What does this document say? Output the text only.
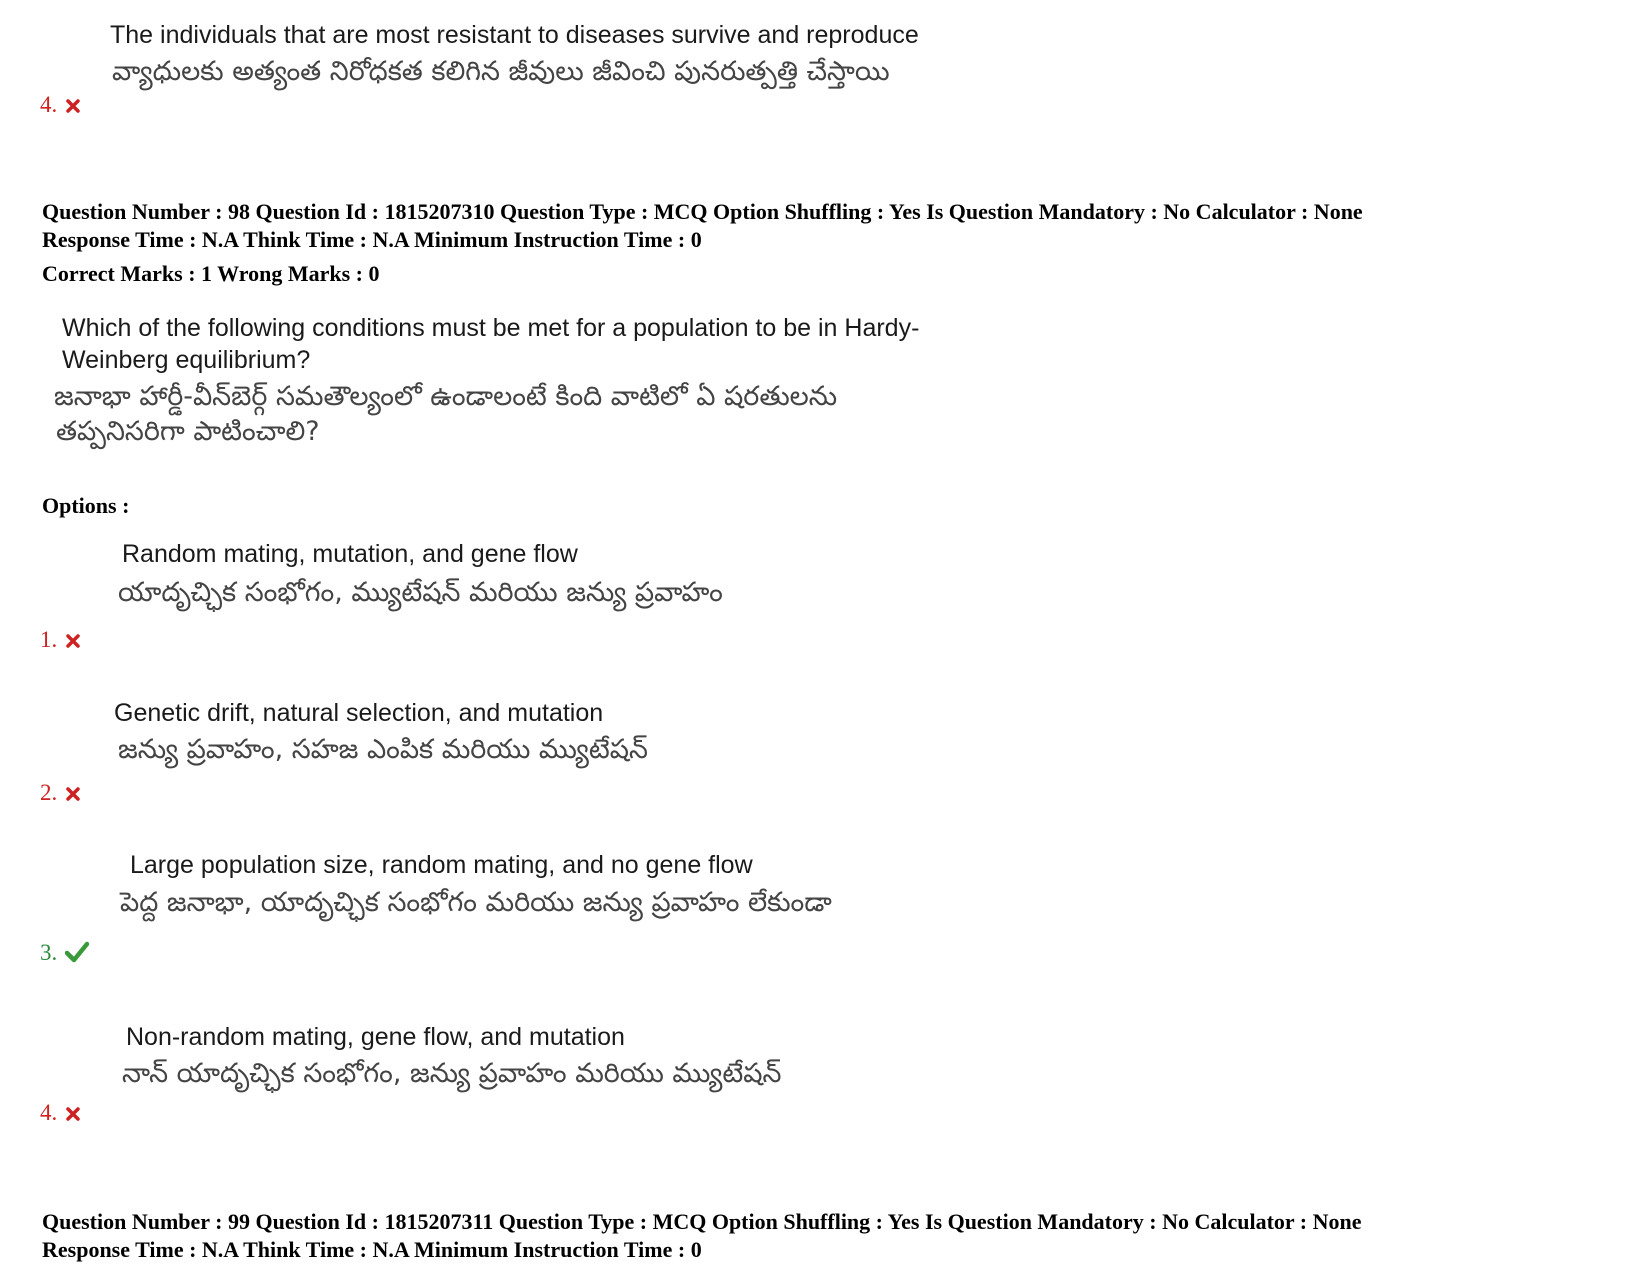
The individuals that are most resistant to diseases survive and reproduce
వ్యాధులకు అత్యంత నిరోధకత కలిగిన జీవులు జీవించి పునరుత్పత్తి చేస్తాయి
4.
Question Number : 98 Question Id : 1815207310 Question Type : MCQ Option Shuffling : Yes Is Question Mandatory : No Calculator : None
Response Time : N.A Think Time : N.A Minimum Instruction Time : 0
Correct Marks : 1 Wrong Marks : 0
Which of the following conditions must be met for a population to be in Hardy-
Weinberg equilibrium?
జనాభా హార్డీ-వీన్‌బెర్గ్ సమతౌల్యంలో ఉండాలంటే కింది వాటిలో ఏ షరతులను
తప్పనిసరిగా పాటించాలి?
Options :
Random mating, mutation, and gene flow
యాదృచ్ఛిక సంభోగం, మ్యుటేషన్ మరియు జన్యు ప్రవాహం
1.
Genetic drift, natural selection, and mutation
జన్యు ప్రవాహం, సహజ ఎంపిక మరియు మ్యుటేషన్
2.
Large population size, random mating, and no gene flow
పెద్ద జనాభా, యాదృచ్ఛిక సంభోగం మరియు జన్యు ప్రవాహం లేకుండా
3.
Non-random mating, gene flow, and mutation
నాన్ యాదృచ్ఛిక సంభోగం, జన్యు ప్రవాహం మరియు మ్యుటేషన్
4.
Question Number : 99 Question Id : 1815207311 Question Type : MCQ Option Shuffling : Yes Is Question Mandatory : No Calculator : None
Response Time : N.A Think Time : N.A Minimum Instruction Time : 0
